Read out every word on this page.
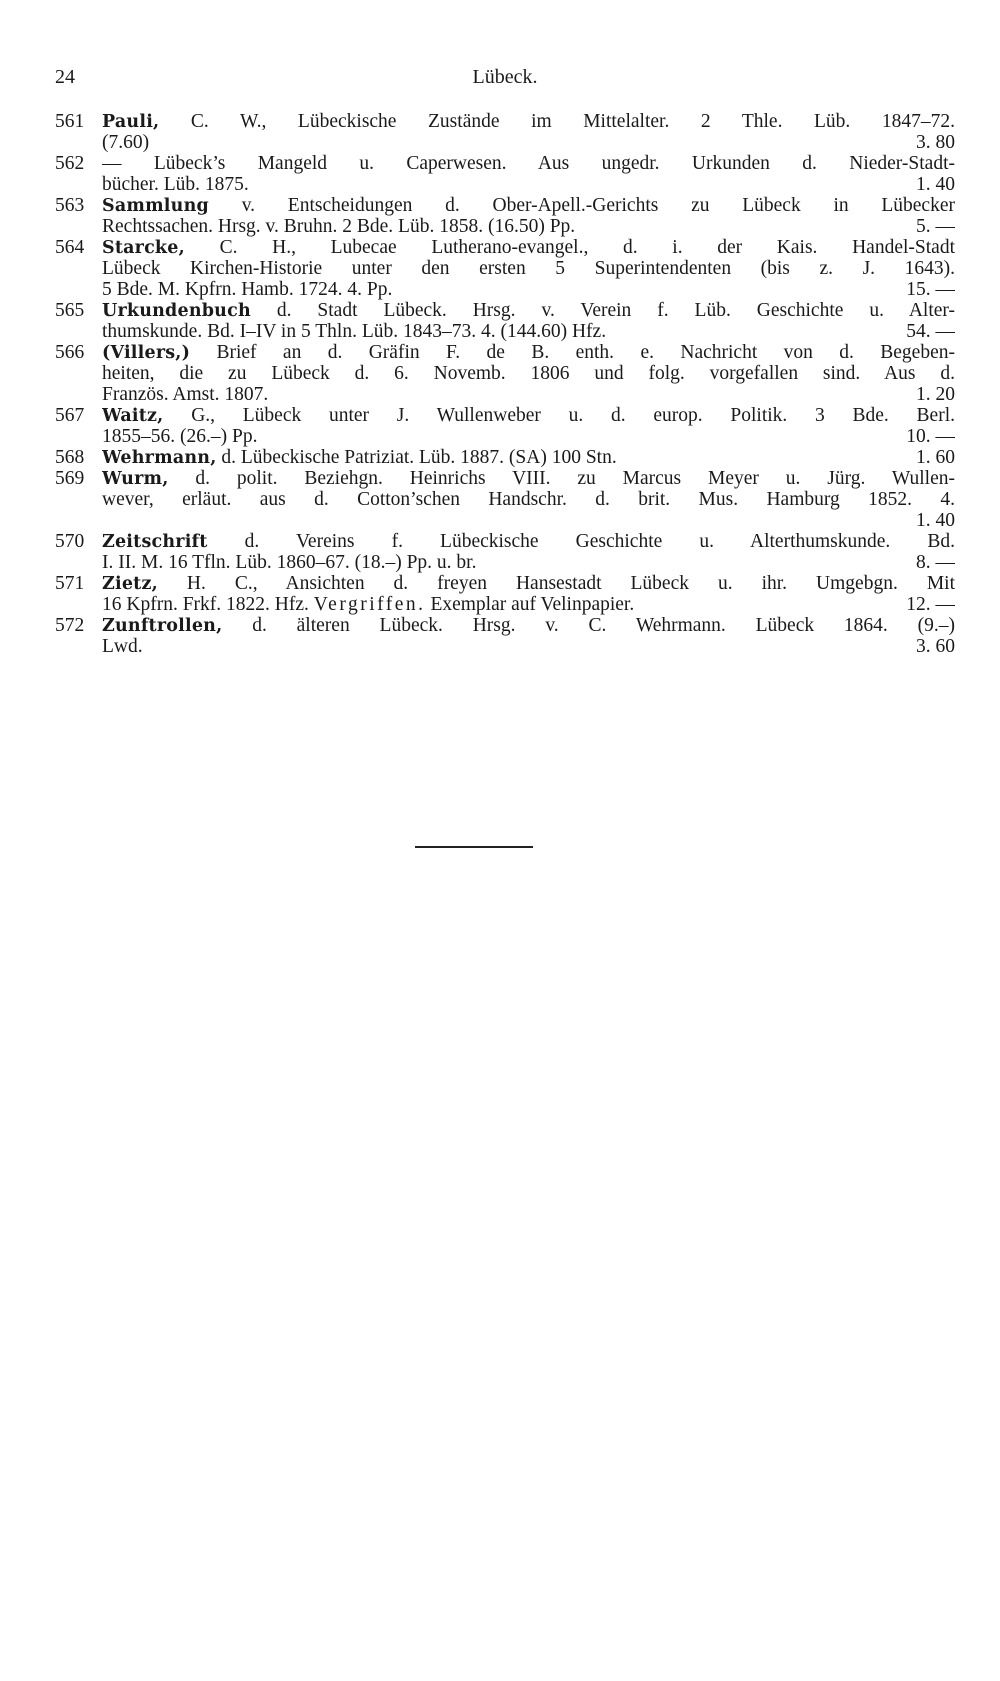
24	Lübeck.
561	Pauli, C. W., Lübeckische Zustände im Mittelalter. 2 Thle. Lüb. 1847–72.
(7.60)	3. 80
562 — Lübeck’s Mangeld u. Caperwesen. Aus ungedr. Urkunden d. Nieder-Stadt-
bücher. Lüb. 1875.	1. 40
563	Sammlung v. Entscheidungen d. Ober-Apell.-Gerichts zu Lübeck in Lübecker
Rechtssachen. Hrsg. v. Bruhn. 2 Bde. Lüb. 1858. (16.50) Pp.	5. —
564	Starcke, C. H., Lubecae Lutherano-evangel., d. i. der Kais. Handel-Stadt
Lübeck Kirchen-Historie unter den ersten 5 Superintendenten (bis z. J. 1643).
5 Bde. M. Kpfrn. Hamb. 1724. 4. Pp.	15. —
565	Urkundenbuch d. Stadt Lübeck. Hrsg. v. Verein f. Lüb. Geschichte u. Alter-
thumskunde. Bd. I–IV in 5 Thln. Lüb. 1843–73. 4. (144.60) Hfz.	54. —
566	(Villers,) Brief an d. Gräfin F. de B. enth. e. Nachricht von d. Begeben-
heiten, die zu Lübeck d. 6. Novemb. 1806 und folg. vorgefallen sind. Aus d.
Französ. Amst. 1807.	1. 20
567	Waitz, G., Lübeck unter J. Wullenweber u. d. europ. Politik. 3 Bde. Berl.
1855–56. (26.–) Pp.	10. —
568	Wehrmann, d. Lübeckische Patriziat. Lüb. 1887. (SA) 100 Stn.	1. 60
569	Wurm, d. polit. Beziehgn. Heinrichs VIII. zu Marcus Meyer u. Jürg. Wullen-
wever, erläut. aus d. Cotton’schen Handschr. d. brit. Mus. Hamburg 1852. 4.
1. 40
570	Zeitschrift d. Vereins f. Lübeckische Geschichte u. Alterthumskunde. Bd.
I. II. M. 16 Tfln. Lüb. 1860–67. (18.–) Pp. u. br.	8. —
571	Zietz, H. C., Ansichten d. freyen Hansestadt Lübeck u. ihr. Umgebgn. Mit
16 Kpfrn. Frkf. 1822. Hfz. Vergriffen. Exemplar auf Velinpapier.	12. —
572	Zunftrollen, d. älteren Lübeck. Hrsg. v. C. Wehrmann. Lübeck 1864. (9.–)
Lwd.	3. 60
